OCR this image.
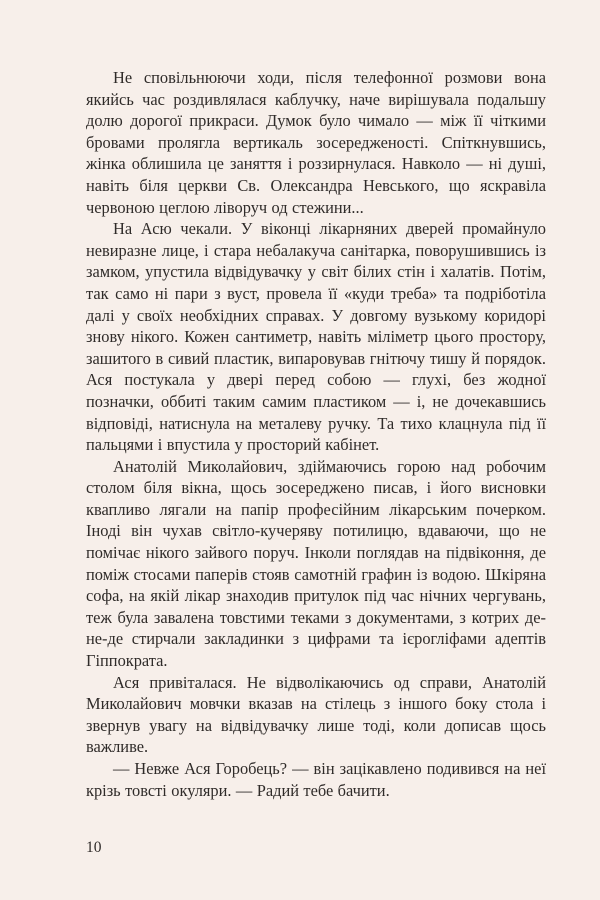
Не сповільнюючи ходи, після телефонної розмови вона якийсь час роздивлялася каблучку, наче вирішувала подальшу долю дорогої прикраси. Думок було чимало — між її чіткими бровами пролягла вертикаль зосередженості. Спіткнувшись, жінка облишила це заняття і роззирнулася. Навколо — ні душі, навіть біля церкви Св. Олександра Невського, що яскравіла червоною цеглою ліворуч од стежини...

На Асю чекали. У віконці лікарняних дверей промайнуло невиразне лице, і стара небалакуча санітарка, поворушившись із замком, упустила відвідувачку у світ білих стін і халатів. Потім, так само ні пари з вуст, провела її «куди треба» та подріботіла далі у своїх необхідних справах. У довгому вузькому коридорі знову нікого. Кожен сантиметр, навіть міліметр цього простору, зашитого в сивий пластик, випаровував гнітючу тишу й порядок. Ася постукала у двері перед собою — глухі, без жодної позначки, оббиті таким самим пластиком — і, не дочекавшись відповіді, натиснула на металеву ручку. Та тихо клацнула під її пальцями і впустила у просторий кабінет.

Анатолій Миколайович, здіймаючись горою над робочим столом біля вікна, щось зосереджено писав, і його висновки квапливо лягали на папір професійним лікарським почерком. Іноді він чухав світло-кучеряву потилицю, вдаваючи, що не помічає нікого зайвого поруч. Інколи поглядав на підвіконня, де поміж стосами паперів стояв самотній графин із водою. Шкіряна софа, на якій лікар знаходив притулок під час нічних чергувань, теж була завалена товстими теками з документами, з котрих де-не-де стирчали закладинки з цифрами та ієрогліфами адептів Гіппократа.

Ася привіталася. Не відволікаючись од справи, Анатолій Миколайович мовчки вказав на стілець з іншого боку стола і звернув увагу на відвідувачку лише тоді, коли дописав щось важливе.

— Невже Ася Горобець? — він зацікавлено подивився на неї крізь товсті окуляри. — Радий тебе бачити.

10
